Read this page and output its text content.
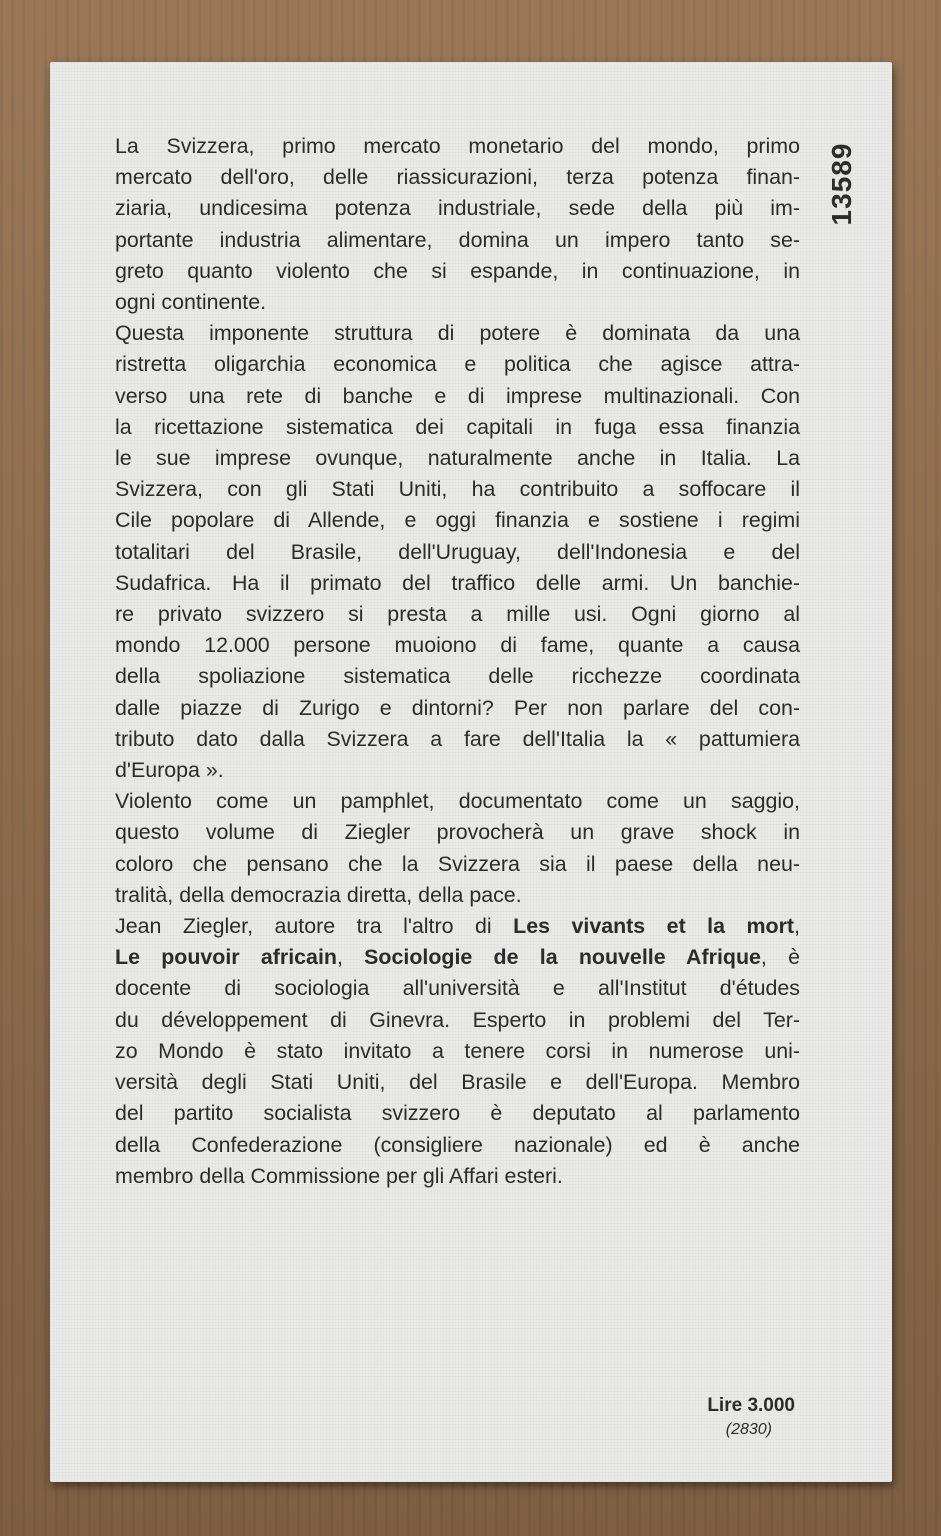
13589

La Svizzera, primo mercato monetario del mondo, primo
mercato dell'oro, delle riassicurazioni, terza potenza finan-
ziaria, undicesima potenza industriale, sede della più im-
portante industria alimentare, domina un impero tanto se-
greto quanto violento che si espande, in continuazione, in
ogni continente.

Questa imponente struttura di potere è dominata da una
ristretta oligarchia economica e politica che agisce attra-
verso una rete di banche e di imprese multinazionali. Con
la ricettazione sistematica dei capitali in fuga essa finanzia
le sue imprese ovunque, naturalmente anche in Italia. La
Svizzera, con gli Stati Uniti, ha contribuito a soffocare il
Cile popolare di Allende, e oggi finanzia e sostiene i regimi
totalitari del Brasile, dell'Uruguay, dell'Indonesia e del
Sudafrica. Ha il primato del traffico delle armi. Un banchie-
re privato svizzero si presta a mille usi. Ogni giorno al
mondo 12.000 persone muoiono di fame, quante a causa
della spoliazione sistematica delle ricchezze coordinata
dalle piazze di Zurigo e dintorni? Per non parlare del con-
tributo dato dalla Svizzera a fare dell'Italia la « pattumiera
d'Europa ».

Violento come un pamphlet, documentato come un saggio,
questo volume di Ziegler provocherà un grave shock in
coloro che pensano che la Svizzera sia il paese della neu-
tralità, della democrazia diretta, della pace.

Jean Ziegler, autore tra l'altro di Les vivants et la mort,
Le pouvoir africain, Sociologie de la nouvelle Afrique, è
docente di sociologia all'università e all'Institut d'études
du développement di Ginevra. Esperto in problemi del Ter-
zo Mondo è stato invitato a tenere corsi in numerose uni-
versità degli Stati Uniti, del Brasile e dell'Europa. Membro
del partito socialista svizzero è deputato al parlamento
della Confederazione (consigliere nazionale) ed è anche
membro della Commissione per gli Affari esteri.

Lire 3.000
(2830)
